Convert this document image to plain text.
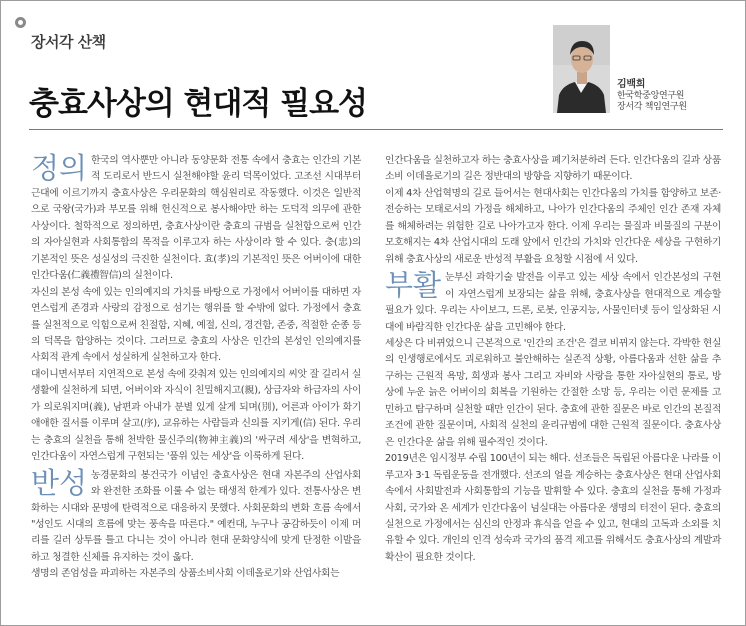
장서각 산책
충효사상의 현대적 필요성
김백희
한국학중앙연구원
장서각 책임연구원

정의 한국의 역사뿐만 아니라 동양문화 전통 속에서 충효는 인간의 기본적 도리로서 반드시 실천해야할 윤리 덕목이었다. 고조선 시대부터 근대에 이르기까지 충효사상은 우리문화의 핵심원리로 작동했다. 이것은 일반적으로 국왕(국가)과 부모를 위해 헌신적으로 봉사해야만 하는 도덕적 의무에 관한 사상이다. 철학적으로 정의하면, 충효사상이란 충효의 규범을 실천함으로써 인간의 자아실현과 사회통합의 목적을 이루고자 하는 사상이라 할 수 있다. 충(忠)의 기본적인 뜻은 성실성의 극진한 실천이다. 효(孝)의 기본적인 뜻은 어버이에 대한 인간다움(仁義禮智信)의 실천이다.

자신의 본성 속에 있는 인의예지의 가치를 바탕으로 가정에서 어버이를 대하면 자연스럽게 존경과 사랑의 감정으로 섬기는 행위를 할 수밖에 없다. 가정에서 충효를 실천적으로 익힘으로써 친절함, 지혜, 예절, 신의, 경건함, 존중, 적절한 순종 등의 덕목을 함양하는 것이다. 그러므로 충효의 사상은 인간의 본성인 인의예지를 사회적 관계 속에서 성실하게 실천하고자 한다.

대이니면서부터 지연적으로 본성 속에 갖춰져 있는 인의예지의 씨앗 잘 길리서 실생활에 실천하게 되면, 어버이와 자식이 친밀해지고(親), 상급자와 하급자의 사이가 의로워지며(義), 남편과 아내가 분별 있게 살게 되며(別), 어른과 아이가 화기애애한 질서를 이루며 살고(序), 교유하는 사람들과 신의를 지키게(信) 된다. 우리는 충효의 실천을 통해 천박한 물신주의(物神主義)의 '싸구려 세상'을 변혁하고, 인간다움이 자연스럽게 구현되는 '품위 있는 세상'을 이룩하게 된다.

반성 농경문화의 봉건국가 이념인 충효사상은 현대 자본주의 산업사회와 완전한 조화를 이룰 수 없는 태생적 한계가 있다. 전통사상은 변화하는 시대와 문명에 탄력적으로 대응하지 못했다. 사회문화의 변화 흐름 속에서 "성인도 시대의 흐름에 맞는 풍속을 따른다." 예컨대, 누구나 공감하듯이 이제 머리를 길러 상투를 틀고 다니는 것이 아니라 현대 문화양식에 맞게 단정한 이발을 하고 청결한 신체를 유지하는 것이 옳다.

생명의 존엄성을 파괴하는 자본주의 상품소비사회 이데올로기와 산업사회는

인간다움을 실천하고자 하는 충효사상을 폐기처분하려 든다. 인간다움의 길과 상품소비 이데올로기의 길은 정반대의 방향을 지향하기 때문이다.

이제 4차 산업혁명의 길로 들어서는 현대사회는 인간다움의 가치를 함양하고 보존·전승하는 모태로서의 가정을 해체하고, 나아가 인간다움의 주체인 인간 존재 자체를 해체하려는 위험한 길로 나아가고자 한다. 이제 우리는 물질과 비물질의 구분이 모호해지는 4차 산업시대의 도래 앞에서 인간의 가치와 인간다운 세상을 구현하기 위해 충효사상의 새로운 반성적 부활을 요청할 시점에 서 있다.

부활 눈부신 과학기술 발전을 이루고 있는 세상 속에서 인간본성의 구현이 자연스럽게 보장되는 삶을 위해, 충효사상을 현대적으로 계승할 필요가 있다. 우리는 사이보그, 드론, 로봇, 인공지능, 사물인터넷 등이 일상화된 시대에 바람직한 인간다운 삶을 고민해야 한다.

세상은 다 비뀌었으니 근본적으로 '인간의 조건'은 결코 비뀌지 않는다. 각박한 현실의 인생행로에서도 괴로워하고 불안해하는 실존적 상황, 아름다움과 선한 삶을 추구하는 근원적 욕망, 희생과 봉사 그리고 자비와 사랑을 통한 자아실현의 통로, 방상에 누운 늙은 어버이의 회복을 기원하는 간절한 소망 등, 우리는 이런 문제를 고민하고 탐구하며 실천할 때만 인간이 된다. 충효에 관한 질문은 바로 인간의 본질적 조건에 관한 질문이며, 사회적 실천의 윤리규범에 대한 근원적 질문이다. 충효사상은 인간다운 삶을 위해 필수적인 것이다.

2019년은 임시정부 수립 100년이 되는 해다. 선조들은 독립된 아름다운 나라를 이루고자 3·1 독립운동을 전개했다. 선조의 얼을 계승하는 충효사상은 현대 산업사회 속에서 사회발전과 사회통합의 기능을 발휘할 수 있다. 충효의 실천을 통해 가정과 사회, 국가와 온 세계가 인간다움이 넘실대는 아름다운 생명의 터전이 된다. 충효의 실천으로 가정에서는 심신의 안정과 휴식을 얻을 수 있고, 현대의 고독과 소외를 치유할 수 있다. 개인의 인격 성숙과 국가의 품격 제고를 위해서도 충효사상의 계발과 확산이 필요한 것이다.
